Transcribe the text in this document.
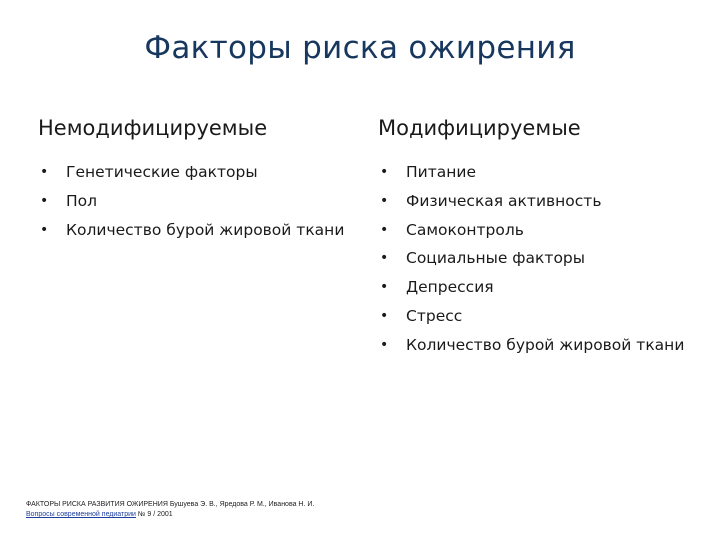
Факторы риска ожирения
Немодифицируемые
• Генетические факторы
• Пол
• Количество бурой жировой ткани
Модифицируемые
• Питание
• Физическая активность
• Самоконтроль
• Социальные факторы
• Депрессия
• Стресс
• Количество бурой жировой ткани
ФАКТОРЫ РИСКА РАЗВИТИЯ ОЖИРЕНИЯ Бушуева Э. В., Яредова Р. М., Иванова Н. И.
Вопросы современной педиатрии № 9 / 2001
